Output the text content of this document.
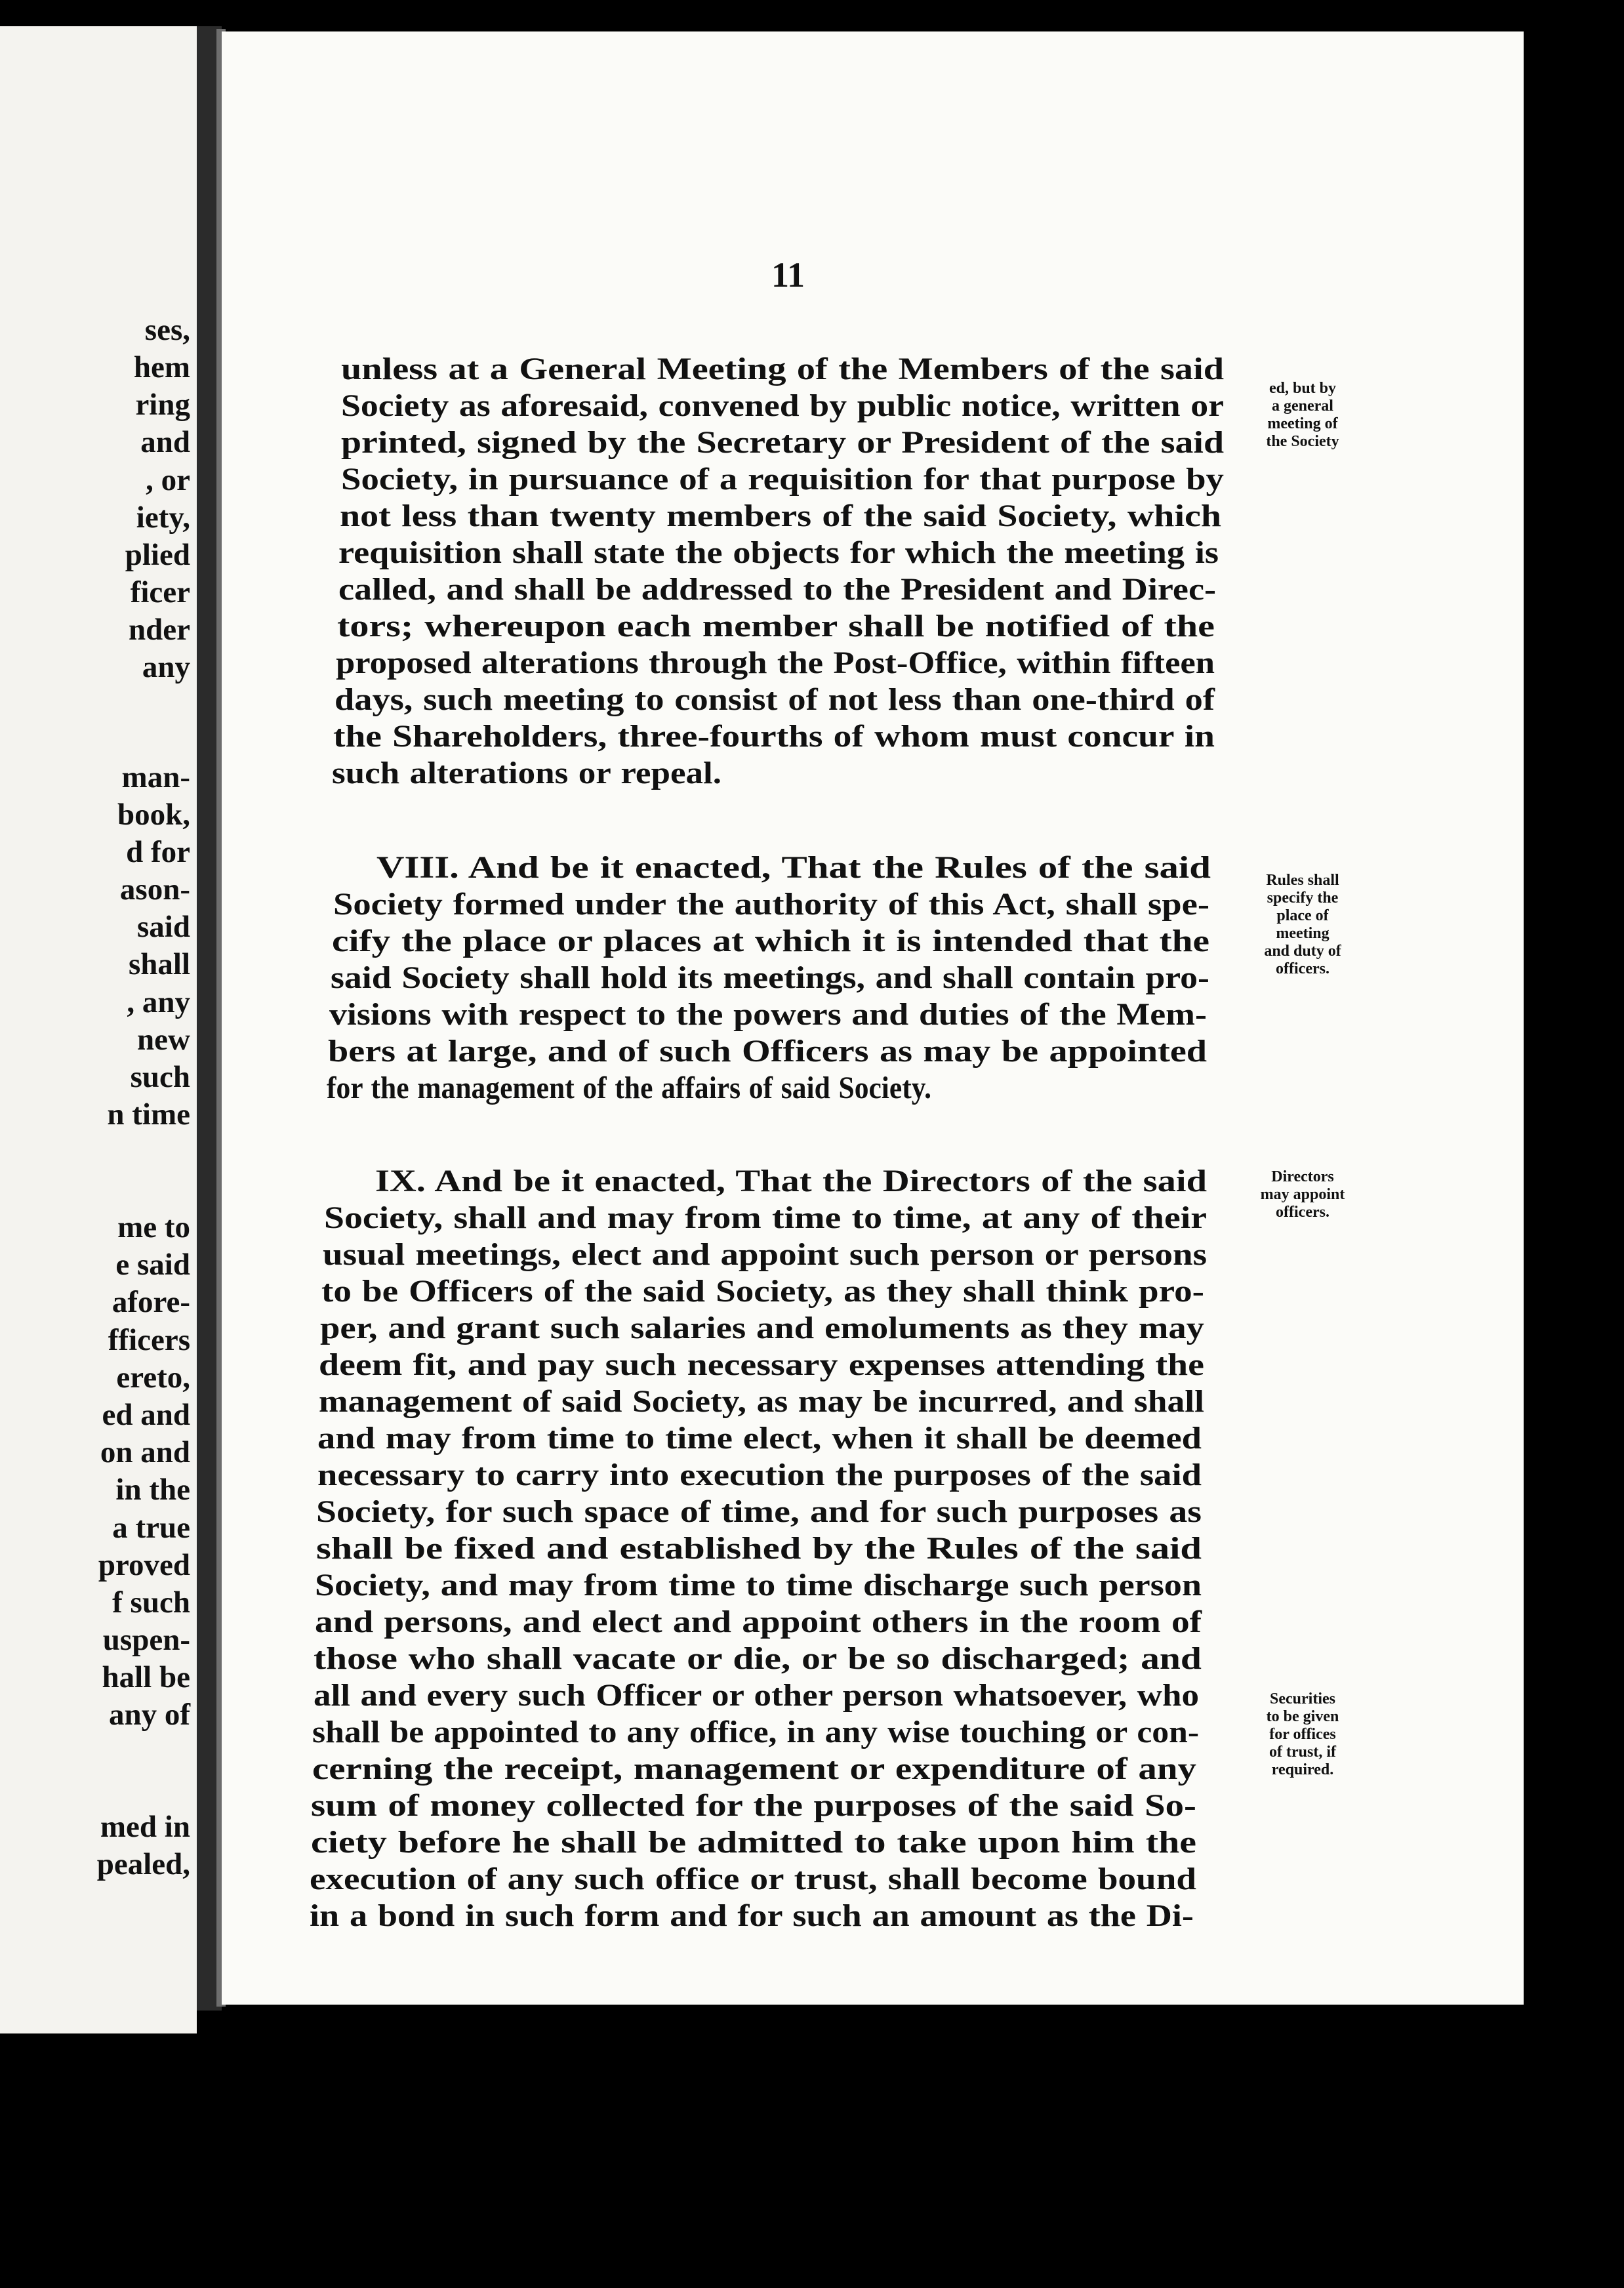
ses,
hem
ring
and
, or
iety,
plied
ficer
nder
any
man-
book,
d for
ason-
said
shall
, any
new
such
n time
me to
e said
afore-
fficers
ereto,
ed and
on and
in the
a true
proved
f such
uspen-
hall be
any of
med in
pealed,
11
unless at a General Meeting of the Members of the said
Society as aforesaid, convened by public notice, written or
printed, signed by the Secretary or President of the said
Society, in pursuance of a requisition for that purpose by
not less than twenty members of the said Society, which
requisition shall state the objects for which the meeting is
called, and shall be addressed to the President and Direc-
tors; whereupon each member shall be notified of the
proposed alterations through the Post-Office, within fifteen
days, such meeting to consist of not less than one-third of
the Shareholders, three-fourths of whom must concur in
such alterations or repeal.
VIII. And be it enacted, That the Rules of the said
Society formed under the authority of this Act, shall spe-
cify the place or places at which it is intended that the
said Society shall hold its meetings, and shall contain pro-
visions with respect to the powers and duties of the Mem-
bers at large, and of such Officers as may be appointed
for the management of the affairs of said Society.
IX. And be it enacted, That the Directors of the said
Society, shall and may from time to time, at any of their
usual meetings, elect and appoint such person or persons
to be Officers of the said Society, as they shall think pro-
per, and grant such salaries and emoluments as they may
deem fit, and pay such necessary expenses attending the
management of said Society, as may be incurred, and shall
and may from time to time elect, when it shall be deemed
necessary to carry into execution the purposes of the said
Society, for such space of time, and for such purposes as
shall be fixed and established by the Rules of the said
Society, and may from time to time discharge such person
and persons, and elect and appoint others in the room of
those who shall vacate or die, or be so discharged; and
all and every such Officer or other person whatsoever, who
shall be appointed to any office, in any wise touching or con-
cerning the receipt, management or expenditure of any
sum of money collected for the purposes of the said So-
ciety before he shall be admitted to take upon him the
execution of any such office or trust, shall become bound
in a bond in such form and for such an amount as the Di-
ed, but by
a general
meeting of
the Society
Rules shall
specify the
place of
meeting
and duty of
officers.
Directors
may appoint
officers.
Securities
to be given
for offices
of trust, if
required.
